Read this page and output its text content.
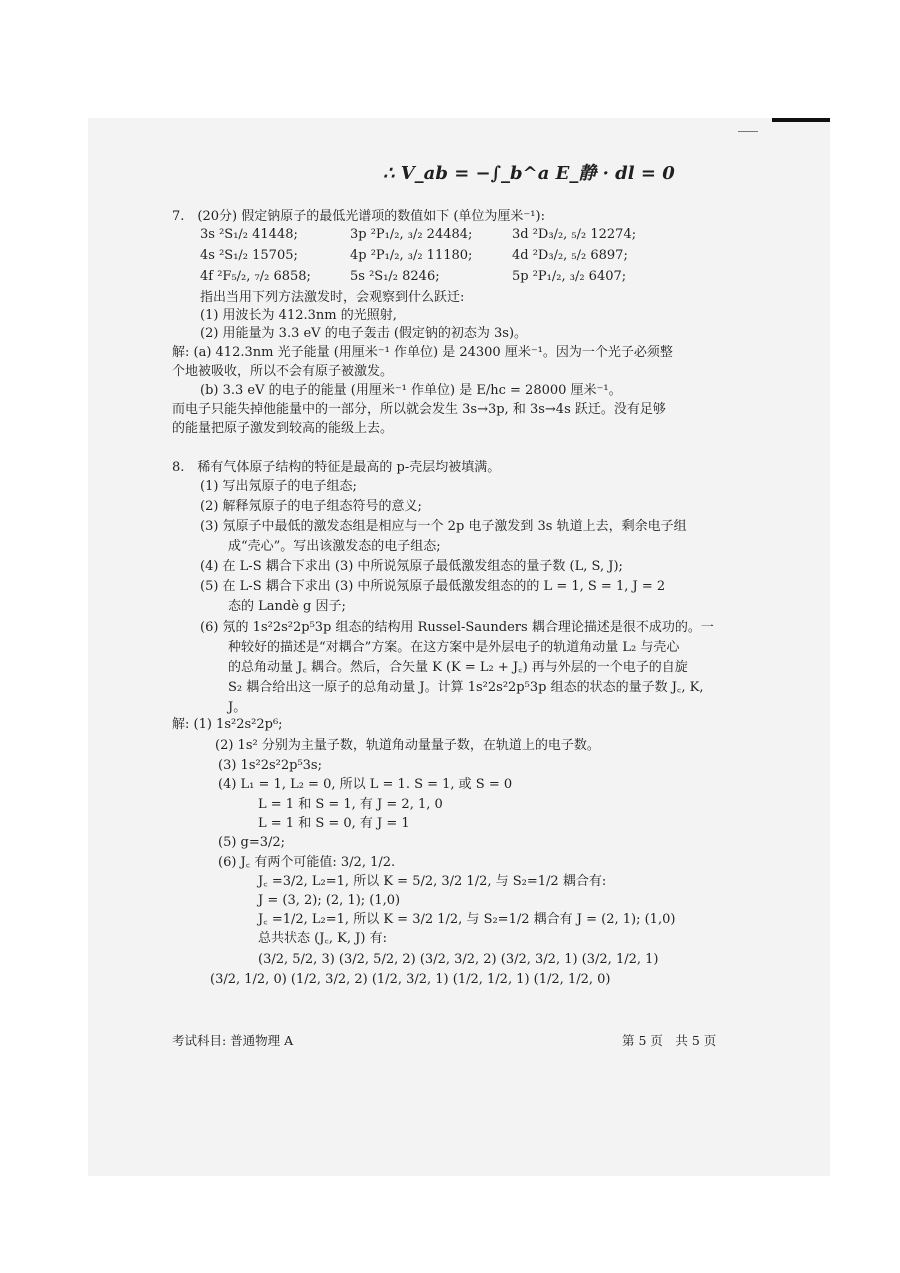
∴ V_ab = −∫_b^a E_静 · dl = 0
7.　(20分) 假定钠原子的最低光谱项的数值如下 (单位为厘米⁻¹):
3s ²S₁/₂ 41448;	3p ²P₁/₂, ₃/₂ 24484;	3d ²D₃/₂, ₅/₂ 12274;
4s ²S₁/₂ 15705;	4p ²P₁/₂, ₃/₂ 11180;	4d ²D₃/₂, ₅/₂ 6897;
4f ²F₅/₂, ₇/₂ 6858;	5s ²S₁/₂ 8246;	5p ²P₁/₂, ₃/₂ 6407;
指出当用下列方法激发时，会观察到什么跃迁:
(1) 用波长为 412.3nm 的光照射,
(2) 用能量为 3.3 eV 的电子轰击 (假定钠的初态为 3s)。
解: (a) 412.3nm 光子能量 (用厘米⁻¹ 作单位) 是 24300 厘米⁻¹。因为一个光子必须整
个地被吸收，所以不会有原子被激发。
(b) 3.3 eV 的电子的能量 (用厘米⁻¹ 作单位) 是 E/hc = 28000 厘米⁻¹。
而电子只能失掉他能量中的一部分，所以就会发生 3s→3p, 和 3s→4s 跃迁。没有足够
的能量把原子激发到较高的能级上去。
8.　稀有气体原子结构的特征是最高的 p-壳层均被填满。
(1) 写出氖原子的电子组态;
(2) 解释氖原子的电子组态符号的意义;
(3) 氖原子中最低的激发态组是相应与一个 2p 电子激发到 3s 轨道上去，剩余电子组
成“壳心”。写出该激发态的电子组态;
(4) 在 L-S 耦合下求出 (3) 中所说氖原子最低激发组态的量子数 (L, S, J);
(5) 在 L-S 耦合下求出 (3) 中所说氖原子最低激发组态的的 L = 1, S = 1, J = 2
态的 Landè g 因子;
(6) 氖的 1s²2s²2p⁵3p 组态的结构用 Russel-Saunders 耦合理论描述是很不成功的。一
种较好的描述是“对耦合”方案。在这方案中是外层电子的轨道角动量 L₂ 与壳心
的总角动量 J꜀ 耦合。然后，合矢量 K (K = L₂ + J꜀) 再与外层的一个电子的自旋
S₂ 耦合给出这一原子的总角动量 J。计算 1s²2s²2p⁵3p 组态的状态的量子数 J꜀, K,
J。
解: (1) 1s²2s²2p⁶;
(2) 1s² 分别为主量子数，轨道角动量量子数，在轨道上的电子数。
(3) 1s²2s²2p⁵3s;
(4) L₁ = 1, L₂ = 0, 所以 L = 1. S = 1, 或 S = 0
L = 1 和 S = 1, 有 J = 2, 1, 0
L = 1 和 S = 0, 有 J = 1
(5) g=3/2;
(6) J꜀ 有两个可能值: 3/2, 1/2.
J꜀ =3/2, L₂=1, 所以 K = 5/2, 3/2 1/2, 与 S₂=1/2 耦合有:
J = (3, 2); (2, 1); (1,0)
J꜀ =1/2, L₂=1, 所以 K = 3/2 1/2, 与 S₂=1/2 耦合有 J = (2, 1); (1,0)
总共状态 (J꜀, K, J) 有:
(3/2, 5/2, 3) (3/2, 5/2, 2) (3/2, 3/2, 2) (3/2, 3/2, 1) (3/2, 1/2, 1)
(3/2, 1/2, 0) (1/2, 3/2, 2) (1/2, 3/2, 1) (1/2, 1/2, 1) (1/2, 1/2, 0)
考试科目: 普通物理 A	第 5 页　共 5 页
